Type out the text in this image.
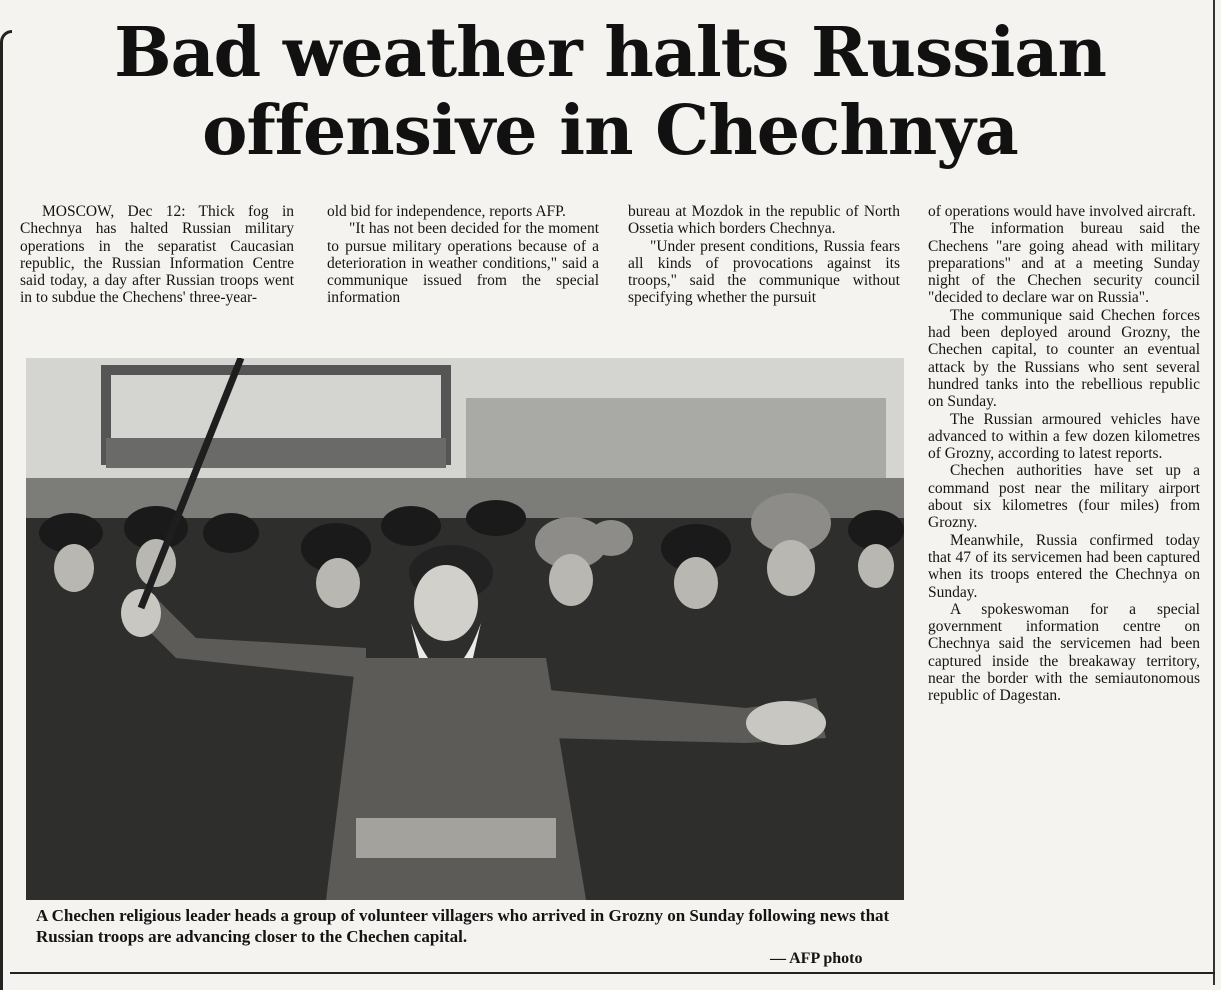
Bad weather halts Russian offensive in Chechnya

MOSCOW, Dec 12: Thick fog in Chechnya has halted Russian military operations in the separatist Caucasian republic, the Russian Information Centre said today, a day after Russian troops went in to subdue the Chechens' three-year-

old bid for independence, reports AFP.

"It has not been decided for the moment to pursue military operations because of a deterioration in weather conditions," said a communique issued from the special information

bureau at Mozdok in the republic of North Ossetia which borders Chechnya.

"Under present conditions, Russia fears all kinds of provocations against its troops," said the communique without specifying whether the pursuit

of operations would have involved aircraft.

The information bureau said the Chechens "are going ahead with military preparations" and at a meeting Sunday night of the Chechen security council "decided to declare war on Russia".

The communique said Chechen forces had been deployed around Grozny, the Chechen capital, to counter an eventual attack by the Russians who sent several hundred tanks into the rebellious republic on Sunday.

The Russian armoured vehicles have advanced to within a few dozen kilometres of Grozny, according to latest reports.

Chechen authorities have set up a command post near the military airport about six kilometres (four miles) from Grozny.

Meanwhile, Russia confirmed today that 47 of its servicemen had been captured when its troops entered the Chechnya on Sunday.

A spokeswoman for a special government information centre on Chechnya said the servicemen had been captured inside the breakaway territory, near the border with the semiautonomous republic of Dagestan.

A Chechen religious leader heads a group of volunteer villagers who arrived in Grozny on Sunday following news that Russian troops are advancing closer to the Chechen capital.

— AFP photo
